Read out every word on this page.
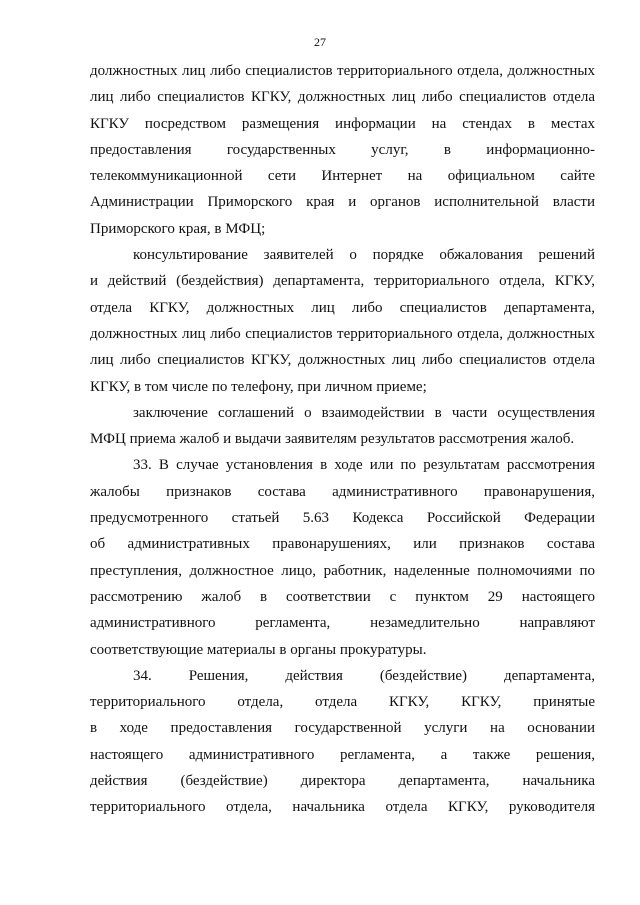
27
должностных лиц либо специалистов территориального отдела, должностных
лиц либо специалистов КГКУ, должностных лиц либо специалистов отдела
КГКУ посредством размещения информации на стендах в местах
предоставления государственных услуг, в информационно-
телекоммуникационной сети Интернет на официальном сайте
Администрации Приморского края и органов исполнительной власти
Приморского края, в МФЦ;
консультирование заявителей о порядке обжалования решений
и действий (бездействия) департамента, территориального отдела, КГКУ,
отдела КГКУ, должностных лиц либо специалистов департамента,
должностных лиц либо специалистов территориального отдела, должностных
лиц либо специалистов КГКУ, должностных лиц либо специалистов отдела
КГКУ, в том числе по телефону, при личном приеме;
заключение соглашений о взаимодействии в части осуществления
МФЦ приема жалоб и выдачи заявителям результатов рассмотрения жалоб.
33. В случае установления в ходе или по результатам рассмотрения
жалобы признаков состава административного правонарушения,
предусмотренного статьей 5.63 Кодекса Российской Федерации
об административных правонарушениях, или признаков состава
преступления, должностное лицо, работник, наделенные полномочиями по
рассмотрению жалоб в соответствии с пунктом 29 настоящего
административного регламента, незамедлительно направляют
соответствующие материалы в органы прокуратуры.
34. Решения, действия (бездействие) департамента,
территориального отдела, отдела КГКУ, КГКУ, принятые
в ходе предоставления государственной услуги на основании
настоящего административного регламента, а также решения,
действия (бездействие) директора департамента, начальника
территориального отдела, начальника отдела КГКУ, руководителя
